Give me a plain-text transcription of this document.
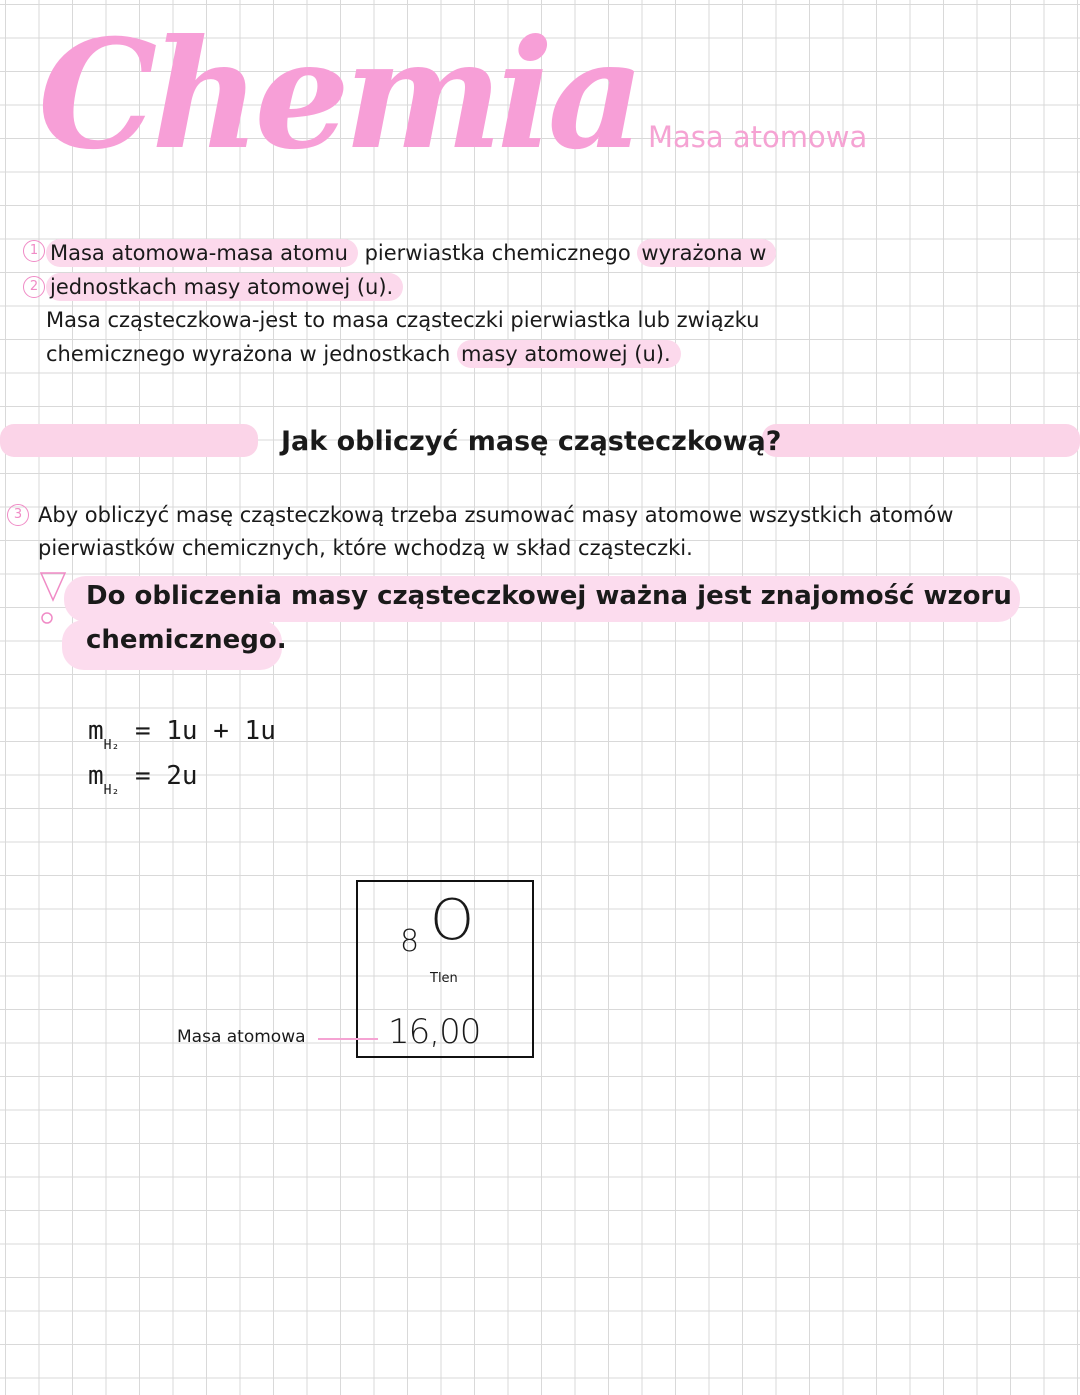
Chemia Masa atomowa
1
2
Masa atomowa-masa atomu pierwiastka chemicznego wyrażona w
jednostkach masy atomowej (u).
Masa cząsteczkowa-jest to masa cząsteczki pierwiastka lub związku
chemicznego wyrażona w jednostkach masy atomowej (u).
Jak obliczyć masę cząsteczkową?
3 Aby obliczyć masę cząsteczkową trzeba zsumować masy atomowe wszystkich atomów
pierwiastków chemicznych, które wchodzą w skład cząsteczki.
Do obliczenia masy cząsteczkowej ważna jest znajomość wzoru
chemicznego.
$m_{H_2} = 1u + 1u$
$m_{H_2} = 2u$
8 O
Tlen
16,00
Masa atomowa
